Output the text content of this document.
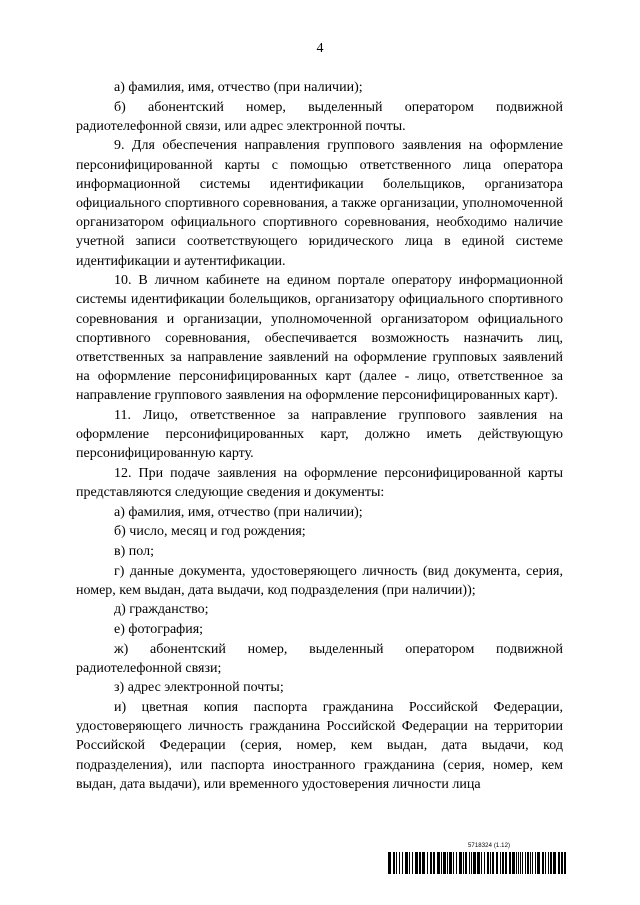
4

а) фамилия, имя, отчество (при наличии);

б) абонентский номер, выделенный оператором подвижной радиотелефонной связи, или адрес электронной почты.

9. Для обеспечения направления группового заявления на оформление персонифицированной карты с помощью ответственного лица оператора информационной системы идентификации болельщиков, организатора официального спортивного соревнования, а также организации, уполномоченной организатором официального спортивного соревнования, необходимо наличие учетной записи соответствующего юридического лица в единой системе идентификации и аутентификации.

10. В личном кабинете на едином портале оператору информационной системы идентификации болельщиков, организатору официального спортивного соревнования и организации, уполномоченной организатором официального спортивного соревнования, обеспечивается возможность назначить лиц, ответственных за направление заявлений на оформление групповых заявлений на оформление персонифицированных карт (далее - лицо, ответственное за направление группового заявления на оформление персонифицированных карт).

11. Лицо, ответственное за направление группового заявления на оформление персонифицированных карт, должно иметь действующую персонифицированную карту.

12. При подаче заявления на оформление персонифицированной карты представляются следующие сведения и документы:

а) фамилия, имя, отчество (при наличии);

б) число, месяц и год рождения;

в) пол;

г) данные документа, удостоверяющего личность (вид документа, серия, номер, кем выдан, дата выдачи, код подразделения (при наличии));

д) гражданство;

е) фотография;

ж) абонентский номер, выделенный оператором подвижной радиотелефонной связи;

з) адрес электронной почты;

и) цветная копия паспорта гражданина Российской Федерации, удостоверяющего личность гражданина Российской Федерации на территории Российской Федерации (серия, номер, кем выдан, дата выдачи, код подразделения), или паспорта иностранного гражданина (серия, номер, кем выдан, дата выдачи), или временного удостоверения личности лица

5718324 (1.12)
